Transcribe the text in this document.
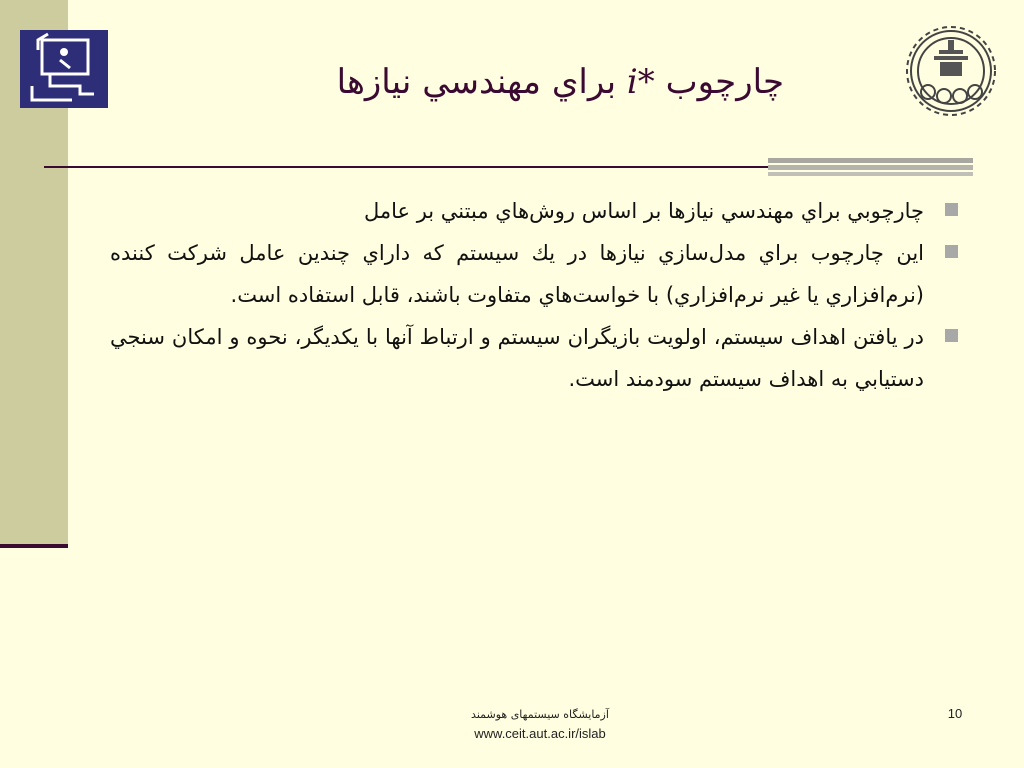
چارچوب i* براي مهندسي نيازها
چارچوبي براي مهندسي نيازها بر اساس روش‌هاي مبتني بر عامل
اين چارچوب براي مدل‌سازي نيازها در يك سيستم كه داراي چندين عامل شركت كننده (نرم‌افزاري يا غير نرم‌افزاري) با خواست‌هاي متفاوت باشند، قابل استفاده است.
در يافتن اهداف سيستم، اولويت بازيگران سيستم و ارتباط آنها با يكديگر، نحوه و امكان سنجي دستيابي به اهداف سيستم سودمند است.
آزمایشگاه سیستمهای هوشمند
www.ceit.aut.ac.ir/islab
10
